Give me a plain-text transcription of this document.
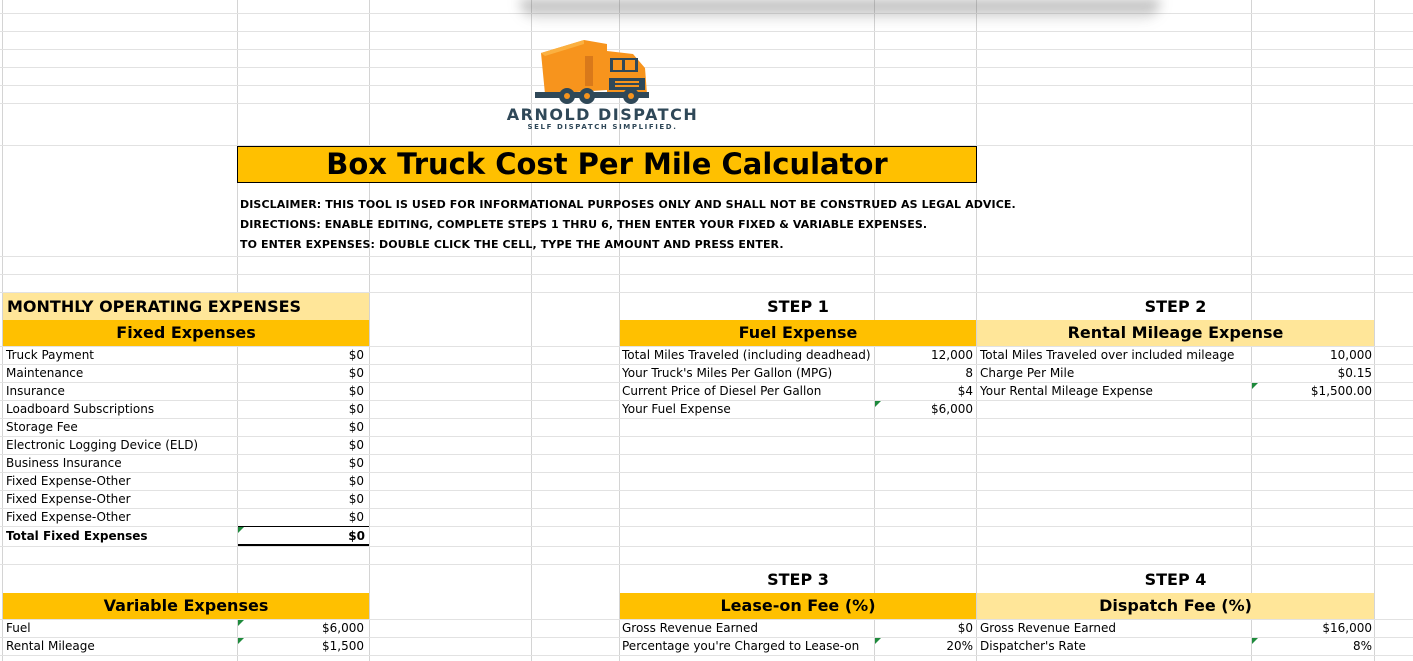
ARNOLD DISPATCH
SELF DISPATCH SIMPLIFIED.
Box Truck Cost Per Mile Calculator
DISCLAIMER: THIS TOOL IS USED FOR INFORMATIONAL PURPOSES ONLY AND SHALL NOT BE CONSTRUED AS LEGAL ADVICE.
DIRECTIONS: ENABLE EDITING, COMPLETE STEPS 1 THRU 6, THEN ENTER YOUR FIXED & VARIABLE EXPENSES.
TO ENTER EXPENSES: DOUBLE CLICK THE CELL, TYPE THE AMOUNT AND PRESS ENTER.
MONTHLY OPERATING EXPENSES
Fixed Expenses
Truck Payment	$0
Maintenance	$0
Insurance	$0
Loadboard Subscriptions	$0
Storage Fee	$0
Electronic Logging Device (ELD)	$0
Business Insurance	$0
Fixed Expense-Other	$0
Fixed Expense-Other	$0
Fixed Expense-Other	$0
Total Fixed Expenses	$0
Variable Expenses
Fuel	$6,000
Rental Mileage	$1,500
STEP 1
Fuel Expense
Total Miles Traveled (including deadhead)	12,000
Your Truck's Miles Per Gallon (MPG)	8
Current Price of Diesel Per Gallon	$4
Your Fuel Expense	$6,000
STEP 2
Rental Mileage Expense
Total Miles Traveled over included mileage	10,000
Charge Per Mile	$0.15
Your Rental Mileage Expense	$1,500.00
STEP 3
Lease-on Fee (%)
Gross Revenue Earned	$0
Percentage you're Charged to Lease-on	20%
STEP 4
Dispatch Fee (%)
Gross Revenue Earned	$16,000
Dispatcher's Rate	8%
